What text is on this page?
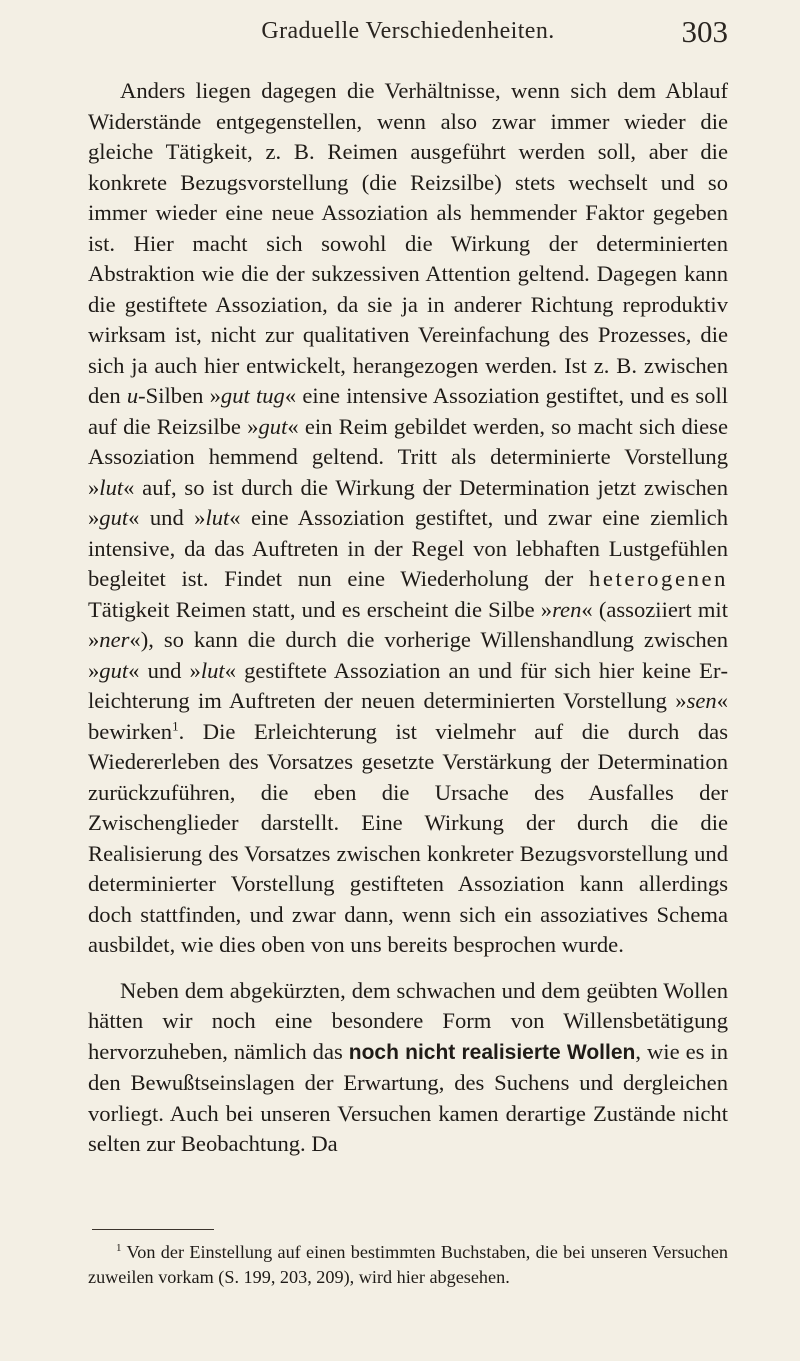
Graduelle Verschiedenheiten.	303

Anders liegen dagegen die Verhältnisse, wenn sich dem Ablauf Widerstände entgegenstellen, wenn also zwar immer wieder die gleiche Tätigkeit, z. B. Reimen ausgeführt werden soll, aber die konkrete Bezugsvorstellung (die Reizsilbe) stets wechselt und so immer wieder eine neue Assoziation als hemmender Faktor gegeben ist. Hier macht sich sowohl die Wirkung der determinierten Abstraktion wie die der sukzessiven Attention geltend. Dagegen kann die gestiftete Assoziation, da sie ja in anderer Richtung reproduktiv wirksam ist, nicht zur qualitativen Vereinfachung des Prozesses, die sich ja auch hier entwickelt, herangezogen werden. Ist z. B. zwischen den u-Silben »gut tug« eine intensive Assoziation gestiftet, und es soll auf die Reizsilbe »gut« ein Reim gebildet werden, so macht sich diese Assoziation hemmend geltend. Tritt als determinierte Vorstellung »lut« auf, so ist durch die Wirkung der Determination jetzt zwischen »gut« und »lut« eine Assoziation gestiftet, und zwar eine ziemlich intensive, da das Auftreten in der Regel von lebhaften Lustgefühlen begleitet ist. Findet nun eine Wiederholung der heterogenen Tätigkeit Reimen statt, und es erscheint die Silbe »ren« (assoziiert mit »ner«), so kann die durch die vorherige Willenshandlung zwischen »gut« und »lut« gestiftete Assoziation an und für sich hier keine Erleichterung im Auftreten der neuen determinierten Vorstellung »sen« bewirken$^1$. Die Erleichterung ist vielmehr auf die durch das Wiedererleben des Vorsatzes gesetzte Verstärkung der Determination zurückzuführen, die eben die Ursache des Ausfalles der Zwischenglieder darstellt. Eine Wirkung der durch die die Realisierung des Vorsatzes zwischen konkreter Bezugsvorstellung und determinierter Vorstellung gestifteten Assoziation kann allerdings doch stattfinden, und zwar dann, wenn sich ein assoziatives Schema ausbildet, wie dies oben von uns bereits besprochen wurde.

Neben dem abgekürzten, dem schwachen und dem geübten Wollen hätten wir noch eine besondere Form von Willensbetätigung hervorzuheben, nämlich das noch nicht realisierte Wollen, wie es in den Bewußtseinslagen der Erwartung, des Suchens und dergleichen vorliegt. Auch bei unseren Versuchen kamen derartige Zustände nicht selten zur Beobachtung. Da

$^1$ Von der Einstellung auf einen bestimmten Buchstaben, die bei unseren Versuchen zuweilen vorkam (S. 199, 203, 209), wird hier abgesehen.
